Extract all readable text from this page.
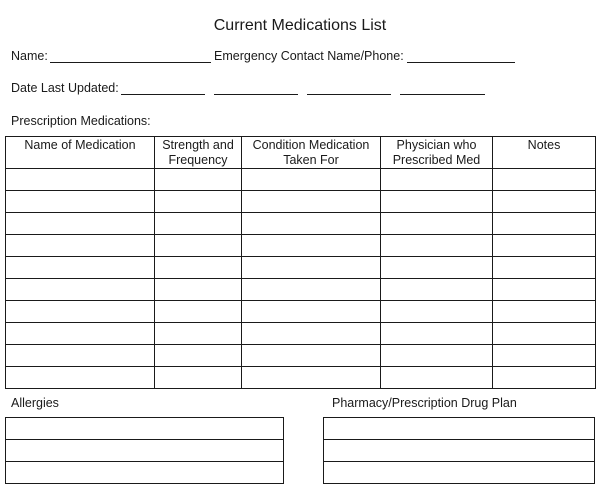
Current Medications List
Name:	Emergency Contact Name/Phone:
Date Last Updated:
Prescription Medications:
Name of Medication	Strength and Frequency	Condition Medication Taken For	Physician who Prescribed Med	Notes

Allergies	Pharmacy/Prescription Drug Plan
